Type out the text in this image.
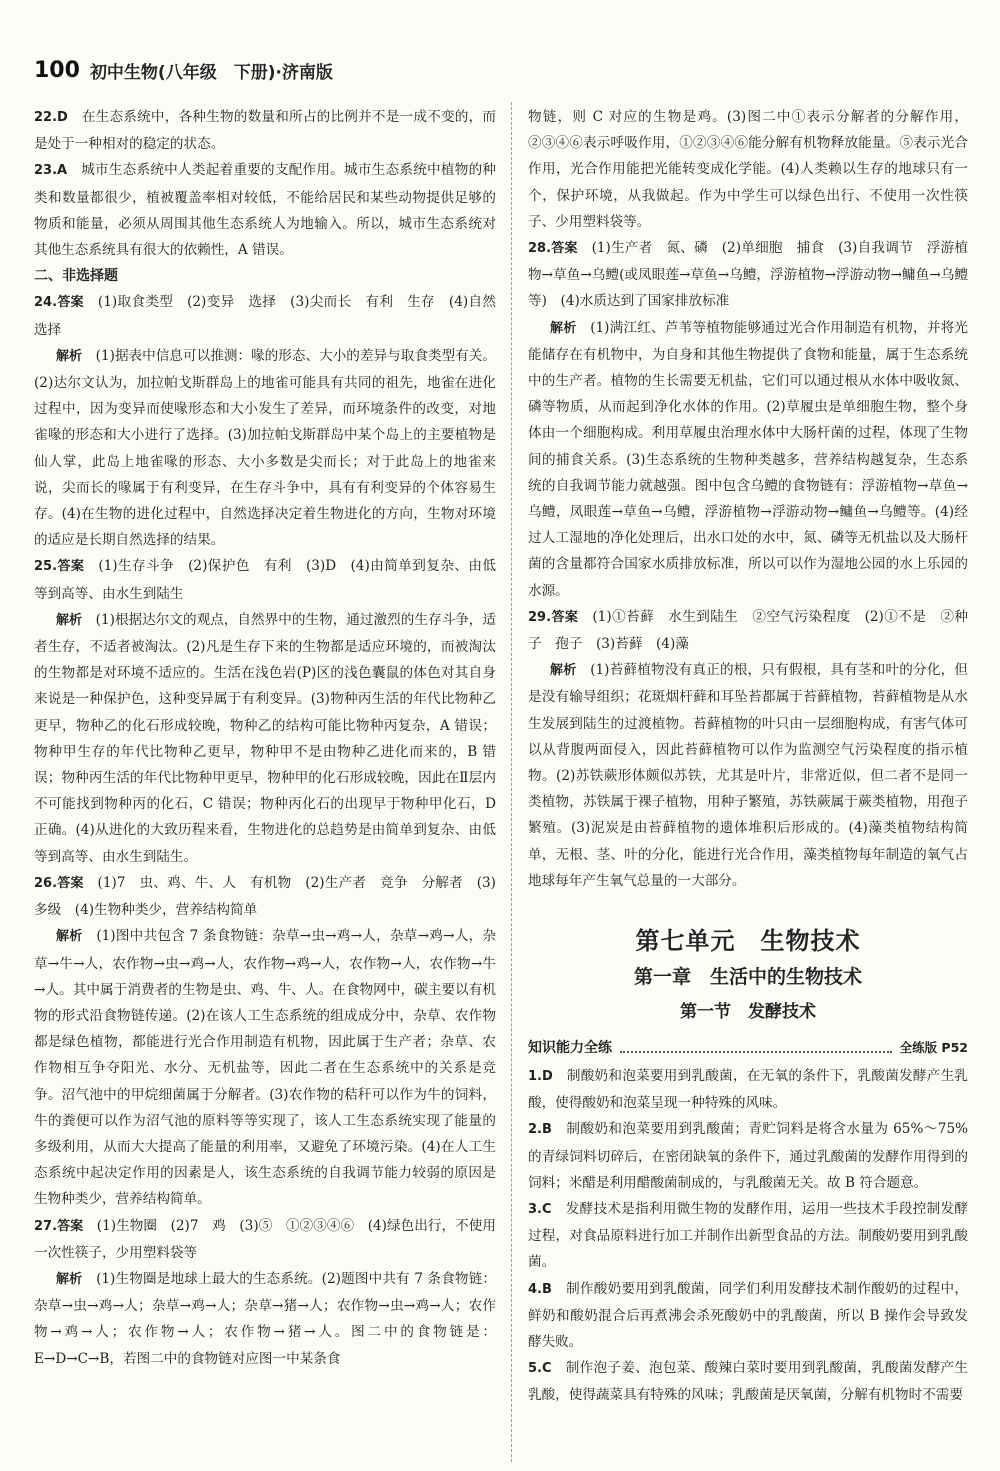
100 初中生物(八年级　下册)·济南版

22.D　 在生态系统中，各种生物的数量和所占的比例并不是一成不变的，而是处于一种相对的稳定的状态。

23.A　 城市生态系统中人类起着重要的支配作用。城市生态系统中植物的种类和数量都很少，植被覆盖率相对较低，不能给居民和某些动物提供足够的物质和能量，必须从周围其他生态系统人为地输入。所以，城市生态系统对其他生态系统具有很大的依赖性，A 错误。

二、非选择题

24.答案　 (1)取食类型　(2)变异　选择　(3)尖而长　有利　生存　(4)自然选择

解析　 (1)据表中信息可以推测：喙的形态、大小的差异与取食类型有关。(2)达尔文认为，加拉帕戈斯群岛上的地雀可能具有共同的祖先，地雀在进化过程中，因为变异而使喙形态和大小发生了差异，而环境条件的改变，对地雀喙的形态和大小进行了选择。(3)加拉帕戈斯群岛中某个岛上的主要植物是仙人掌，此岛上地雀喙的形态、大小多数是尖而长；对于此岛上的地雀来说，尖而长的喙属于有利变异，在生存斗争中，具有有利变异的个体容易生存。(4)在生物的进化过程中，自然选择决定着生物进化的方向，生物对环境的适应是长期自然选择的结果。

25.答案　 (1)生存斗争　(2)保护色　有利　(3)D　(4)由简单到复杂、由低等到高等、由水生到陆生

解析　 (1)根据达尔文的观点，自然界中的生物，通过激烈的生存斗争，适者生存，不适者被淘汰。(2)凡是生存下来的生物都是适应环境的，而被淘汰的生物都是对环境不适应的。生活在浅色岩(P)区的浅色囊鼠的体色对其自身来说是一种保护色，这种变异属于有利变异。(3)物种丙生活的年代比物种乙更早，物种乙的化石形成较晚，物种乙的结构可能比物种丙复杂，A 错误；物种甲生存的年代比物种乙更早，物种甲不是由物种乙进化而来的，B 错误；物种丙生活的年代比物种甲更早，物种甲的化石形成较晚，因此在Ⅱ层内不可能找到物种丙的化石，C 错误；物种丙化石的出现早于物种甲化石，D 正确。(4)从进化的大致历程来看，生物进化的总趋势是由简单到复杂、由低等到高等、由水生到陆生。

26.答案　 (1)7　虫、鸡、牛、人　有机物　(2)生产者　竞争　分解者　(3)多级　(4)生物种类少，营养结构简单

解析　 (1)图中共包含 7 条食物链：杂草→虫→鸡→人，杂草→鸡→人，杂草→牛→人，农作物→虫→鸡→人，农作物→鸡→人，农作物→人，农作物→牛→人。其中属于消费者的生物是虫、鸡、牛、人。在食物网中，碳主要以有机物的形式沿食物链传递。(2)在该人工生态系统的组成成分中，杂草、农作物都是绿色植物，都能进行光合作用制造有机物，因此属于生产者；杂草、农作物相互争夺阳光、水分、无机盐等，因此二者在生态系统中的关系是竞争。沼气池中的甲烷细菌属于分解者。(3)农作物的秸秆可以作为牛的饲料，牛的粪便可以作为沼气池的原料等等实现了，该人工生态系统实现了能量的多级利用，从而大大提高了能量的利用率，又避免了环境污染。(4)在人工生态系统中起决定作用的因素是人，该生态系统的自我调节能力较弱的原因是生物种类少，营养结构简单。

27.答案　 (1)生物圈　(2)7　鸡　(3)⑤　①②③④⑥　(4)绿色出行，不使用一次性筷子，少用塑料袋等

解析　 (1)生物圈是地球上最大的生态系统。(2)题图中共有 7 条食物链：杂草→虫→鸡→人；杂草→鸡→人；杂草→猪→人；农作物→虫→鸡→人；农作物→鸡→人；农作物→人；农作物→猪→人。图二中的食物链是：E→D→C→B，若图二中的食物链对应图一中某条食

物链，则 C 对应的生物是鸡。(3)图二中①表示分解者的分解作用，②③④⑥表示呼吸作用，①②③④⑥能分解有机物释放能量。⑤表示光合作用，光合作用能把光能转变成化学能。(4)人类赖以生存的地球只有一个，保护环境，从我做起。作为中学生可以绿色出行、不使用一次性筷子、少用塑料袋等。

28.答案　 (1)生产者　氮、磷　(2)单细胞　捕食　(3)自我调节　浮游植物→草鱼→乌鳢(或凤眼莲→草鱼→乌鳢，浮游植物→浮游动物→鳙鱼→乌鳢等)　(4)水质达到了国家排放标准

解析　 (1)满江红、芦苇等植物能够通过光合作用制造有机物，并将光能储存在有机物中，为自身和其他生物提供了食物和能量，属于生态系统中的生产者。植物的生长需要无机盐，它们可以通过根从水体中吸收氮、磷等物质，从而起到净化水体的作用。(2)草履虫是单细胞生物，整个身体由一个细胞构成。利用草履虫治理水体中大肠杆菌的过程，体现了生物间的捕食关系。(3)生态系统的生物种类越多，营养结构越复杂，生态系统的自我调节能力就越强。图中包含乌鳢的食物链有：浮游植物→草鱼→乌鳢，凤眼莲→草鱼→乌鳢，浮游植物→浮游动物→鳙鱼→乌鳢等。(4)经过人工湿地的净化处理后，出水口处的水中，氮、磷等无机盐以及大肠杆菌的含量都符合国家水质排放标准，所以可以作为湿地公园的水上乐园的水源。

29.答案　 (1)①苔藓　水生到陆生　②空气污染程度　(2)①不是　②种子　孢子　(3)苔藓　(4)藻

解析　 (1)苔藓植物没有真正的根，只有假根，具有茎和叶的分化，但是没有输导组织；花斑烟杆藓和耳坠苔都属于苔藓植物，苔藓植物是从水生发展到陆生的过渡植物。苔藓植物的叶只由一层细胞构成，有害气体可以从背腹两面侵入，因此苔藓植物可以作为监测空气污染程度的指示植物。(2)苏铁蕨形体颇似苏铁，尤其是叶片，非常近似，但二者不是同一类植物，苏铁属于裸子植物，用种子繁殖，苏铁蕨属于蕨类植物，用孢子繁殖。(3)泥炭是由苔藓植物的遗体堆积后形成的。(4)藻类植物结构简单，无根、茎、叶的分化，能进行光合作用，藻类植物每年制造的氧气占地球每年产生氧气总量的一大部分。

第七单元　生物技术
第一章　生活中的生物技术
第一节　发酵技术
知识能力全练	全练版 P52

1.D　 制酸奶和泡菜要用到乳酸菌，在无氧的条件下，乳酸菌发酵产生乳酸，使得酸奶和泡菜呈现一种特殊的风味。

2.B　 制酸奶和泡菜要用到乳酸菌；青贮饲料是将含水量为 65%～75% 的青绿饲料切碎后，在密闭缺氧的条件下，通过乳酸菌的发酵作用得到的饲料；米醋是利用醋酸菌制成的，与乳酸菌无关。故 B 符合题意。

3.C　 发酵技术是指利用微生物的发酵作用，运用一些技术手段控制发酵过程，对食品原料进行加工并制作出新型食品的方法。制酸奶要用到乳酸菌。

4.B　 制作酸奶要用到乳酸菌，同学们利用发酵技术制作酸奶的过程中，鲜奶和酸奶混合后再煮沸会杀死酸奶中的乳酸菌，所以 B 操作会导致发酵失败。

5.C　 制作泡子姜、泡包菜、酸辣白菜时要用到乳酸菌，乳酸菌发酵产生乳酸，使得蔬菜具有特殊的风味；乳酸菌是厌氧菌，分解有机物时不需要
